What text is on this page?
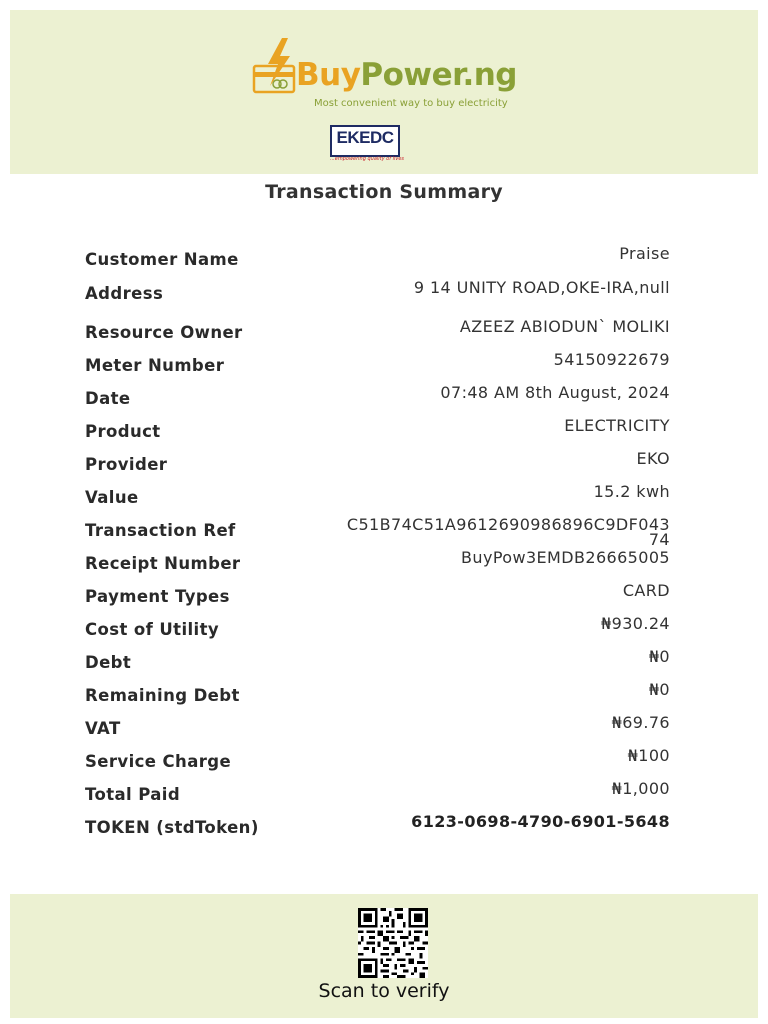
BuyPower.ng
Most convenient way to buy electricity
EKEDC
...empowering quality of lives
Transaction Summary
Customer Name	Praise
Address	9 14 UNITY ROAD,OKE-IRA,null
Resource Owner	AZEEZ ABIODUN` MOLIKI
Meter Number	54150922679
Date	07:48 AM 8th August, 2024
Product	ELECTRICITY
Provider	EKO
Value	15.2 kwh
Transaction Ref	C51B74C51A9612690986896C9DF04374
Receipt Number	BuyPow3EMDB26665005
Payment Types	CARD
Cost of Utility	₦930.24
Debt	₦0
Remaining Debt	₦0
VAT	₦69.76
Service Charge	₦100
Total Paid	₦1,000
TOKEN (stdToken)	6123-0698-4790-6901-5648
Scan to verify
